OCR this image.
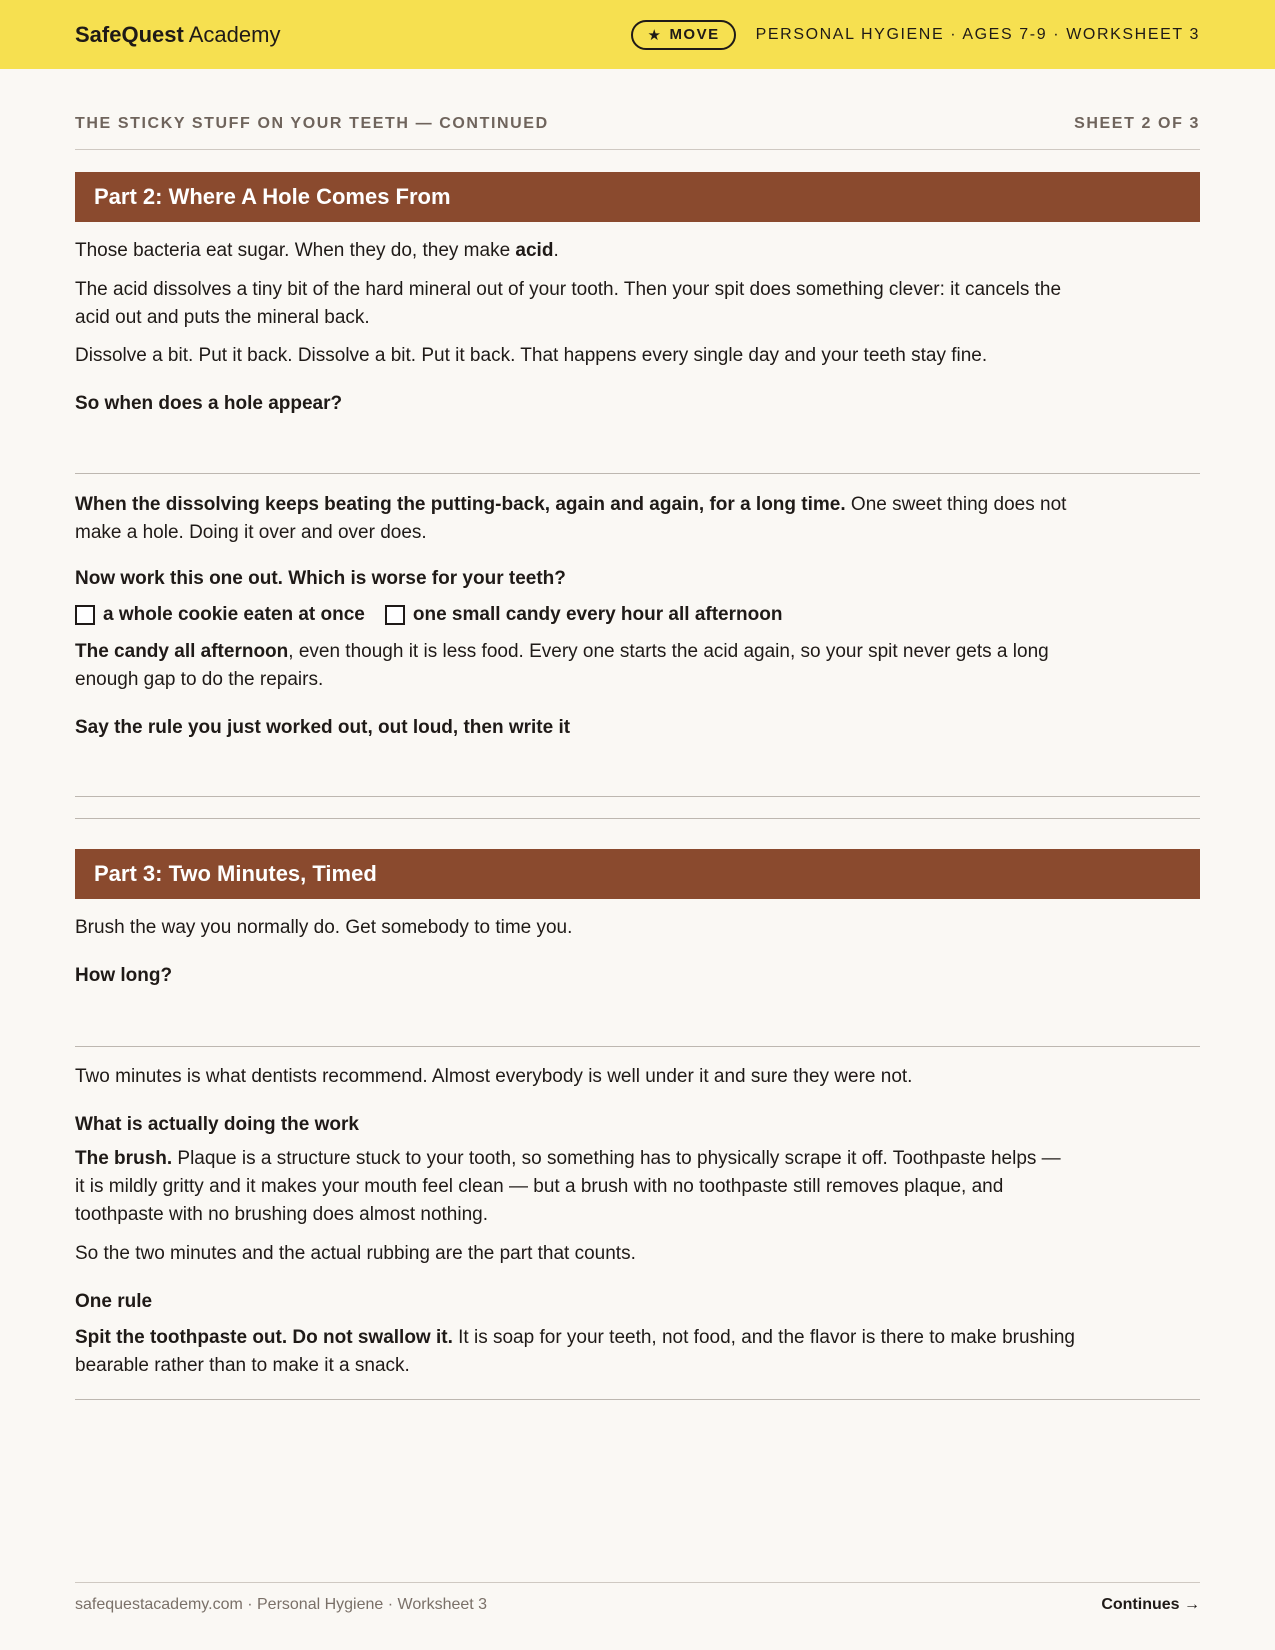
SafeQuest Academy	★ MOVE PERSONAL HYGIENE · AGES 7-9 · WORKSHEET 3
THE STICKY STUFF ON YOUR TEETH — CONTINUED	SHEET 2 OF 3
Part 2: Where A Hole Comes From

Those bacteria eat sugar. When they do, they make acid.

The acid dissolves a tiny bit of the hard mineral out of your tooth. Then your spit does something clever: it cancels the acid out and puts the mineral back.

Dissolve a bit. Put it back. Dissolve a bit. Put it back. That happens every single day and your teeth stay fine.

So when does a hole appear?

When the dissolving keeps beating the putting-back, again and again, for a long time. One sweet thing does not make a hole. Doing it over and over does.

Now work this one out. Which is worse for your teeth?
a whole cookie eaten at once	one small candy every hour all afternoon

The candy all afternoon, even though it is less food. Every one starts the acid again, so your spit never gets a long enough gap to do the repairs.

Say the rule you just worked out, out loud, then write it
Part 3: Two Minutes, Timed

Brush the way you normally do. Get somebody to time you.

How long?

Two minutes is what dentists recommend. Almost everybody is well under it and sure they were not.

What is actually doing the work

The brush. Plaque is a structure stuck to your tooth, so something has to physically scrape it off. Toothpaste helps — it is mildly gritty and it makes your mouth feel clean — but a brush with no toothpaste still removes plaque, and toothpaste with no brushing does almost nothing.

So the two minutes and the actual rubbing are the part that counts.

One rule

Spit the toothpaste out. Do not swallow it. It is soap for your teeth, not food, and the flavor is there to make brushing bearable rather than to make it a snack.

safequestacademy.com · Personal Hygiene · Worksheet 3	Continues →
